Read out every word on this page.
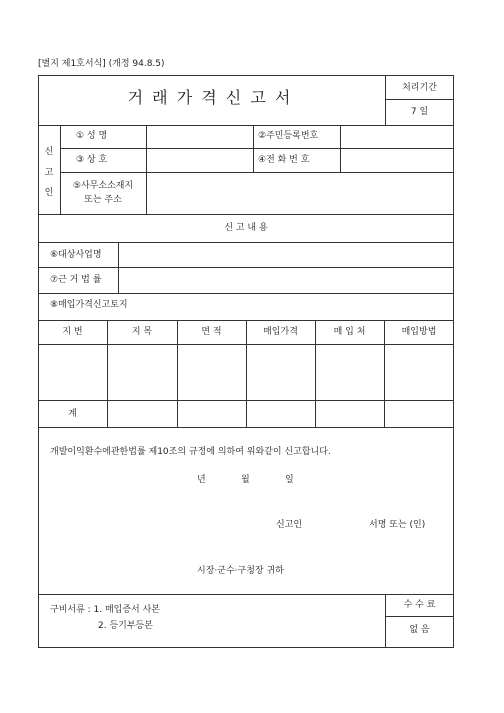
[별지 제1호서식] (개정 94.8.5)
거 래 가 격 신 고 서	처리기간
7 일
신
고
인
① 성 명	②주민등록번호
③ 상 호	④전 화 번 호
⑤사무소소재지
또는 주소
신 고 내 용
⑥대상사업명
⑦근 거 법 률
⑧매입가격신고토지
지 번	지 목	면 적	매입가격	매 입 처	매입방법
계
개발이익환수에관한법률 제10조의 규정에 의하여 위와같이 신고합니다.
년	월	일
신고인	서명 또는 (인)
시장·군수·구청장 귀하
구비서류 : 1. 매입증서 사본
2. 등기부등본
수 수 료
없 음
